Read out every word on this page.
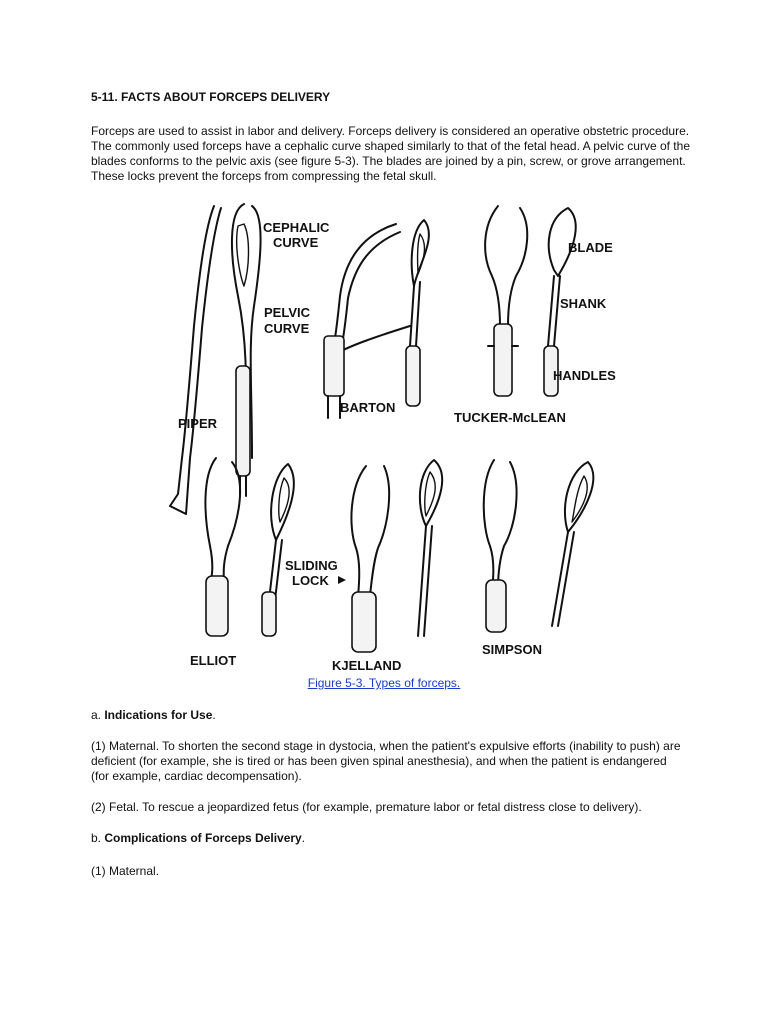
5-11. FACTS ABOUT FORCEPS DELIVERY
Forceps are used to assist in labor and delivery. Forceps delivery is considered an operative obstetric procedure. The commonly used forceps have a cephalic curve shaped similarly to that of the fetal head. A pelvic curve of the blades conforms to the pelvic axis (see figure 5-3). The blades are joined by a pin, screw, or grove arrangement. These locks prevent the forceps from compressing the fetal skull.
CEPHALIC
CURVE
PELVIC
CURVE
PIPER
BARTON
BLADE
SHANK
HANDLES
TUCKER-McLEAN
ELLIOT
SLIDING
LOCK
KJELLAND
SIMPSON
Figure 5-3. Types of forceps.
a. Indications for Use.
(1) Maternal. To shorten the second stage in dystocia, when the patient's expulsive efforts (inability to push) are deficient (for example, she is tired or has been given spinal anesthesia), and when the patient is endangered (for example, cardiac decompensation).
(2) Fetal. To rescue a jeopardized fetus (for example, premature labor or fetal distress close to delivery).
b. Complications of Forceps Delivery.
(1) Maternal.
